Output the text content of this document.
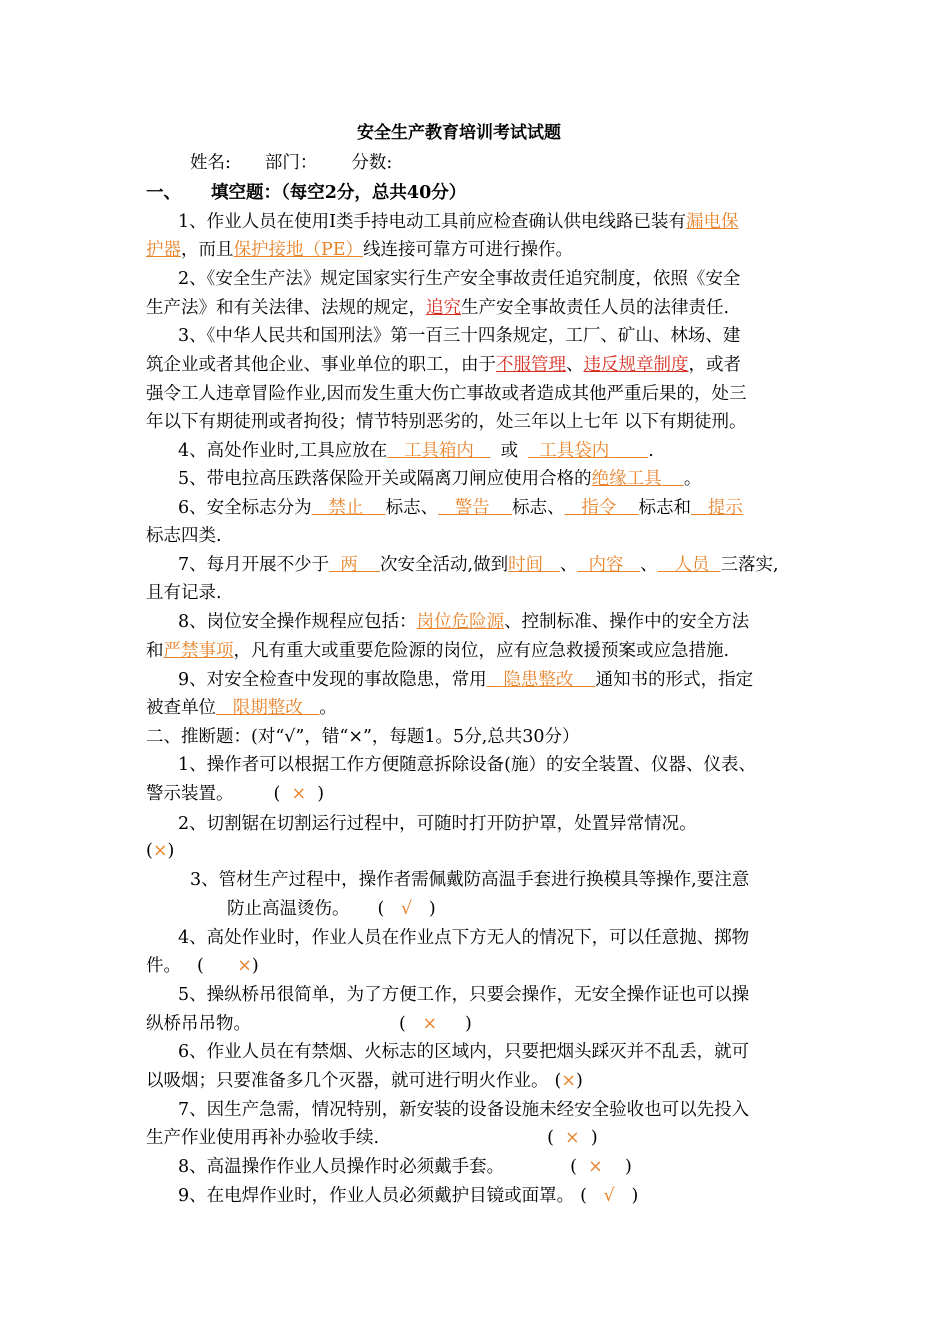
安全生产教育培训考试试题
姓名: 部门： 分数:
一、 填空题：（每空2分，总共40分）
1、作业人员在使用Ⅰ类手持电动工具前应检查确认供电线路已装有漏电保
护器，而且保护接地（PE）线连接可靠方可进行操作。
2、《安全生产法》规定国家实行生产安全事故责任追究制度，依照《安全
生产法》和有关法律、法规的规定，追究生产安全事故责任人员的法律责任.
3、《中华人民共和国刑法》第一百三十四条规定，工厂、矿山、林场、建
筑企业或者其他企业、事业单位的职工，由于不服管理、违反规章制度，或者
强令工人违章冒险作业,因而发生重大伤亡事故或者造成其他严重后果的，处三
年以下有期徒刑或者拘役；情节特别恶劣的，处三年以上七年 以下有期徒刑。
4、高处作业时,工具应放在 工具箱内 或 工具袋内 .
5、带电拉高压跌落保险开关或隔离刀闸应使用合格的绝缘工具 。
6、安全标志分为 禁止 标志、 警告 标志、 指令 标志和 提示
标志四类.
7、每月开展不少于 两 次安全活动,做到时间 、 内容 、 人员 三落实,
且有记录.
8、岗位安全操作规程应包括：岗位危险源、控制标准、操作中的安全方法
和严禁事项，凡有重大或重要危险源的岗位，应有应急救援预案或应急措施.
9、对安全检查中发现的事故隐患，常用 隐患整改 通知书的形式，指定
被查单位 限期整改 。
二、推断题：(对“√”，错“×”，每题1。5分,总共30分）
1、操作者可以根据工作方便随意拆除设备(施）的安全装置、仪器、仪表、
警示装置。 ( × )
2、切割锯在切割运行过程中，可随时打开防护罩，处置异常情况。
(×)
3、管材生产过程中，操作者需佩戴防高温手套进行换模具等操作,要注意
防止高温烫伤。 ( √ )
4、高处作业时，作业人员在作业点下方无人的情况下，可以任意抛、掷物
件。 ( ×)
5、操纵桥吊很简单，为了方便工作，只要会操作，无安全操作证也可以操
纵桥吊吊物。	( × )
6、作业人员在有禁烟、火标志的区域内，只要把烟头踩灭并不乱丢，就可
以吸烟；只要准备多几个灭器，就可进行明火作业。 (×)
7、因生产急需，情况特别，新安装的设备设施未经安全验收也可以先投入
生产作业使用再补办验收手续.	( × )
8、高温操作作业人员操作时必须戴手套。	( × )
9、在电焊作业时，作业人员必须戴护目镜或面罩。 ( √ )
